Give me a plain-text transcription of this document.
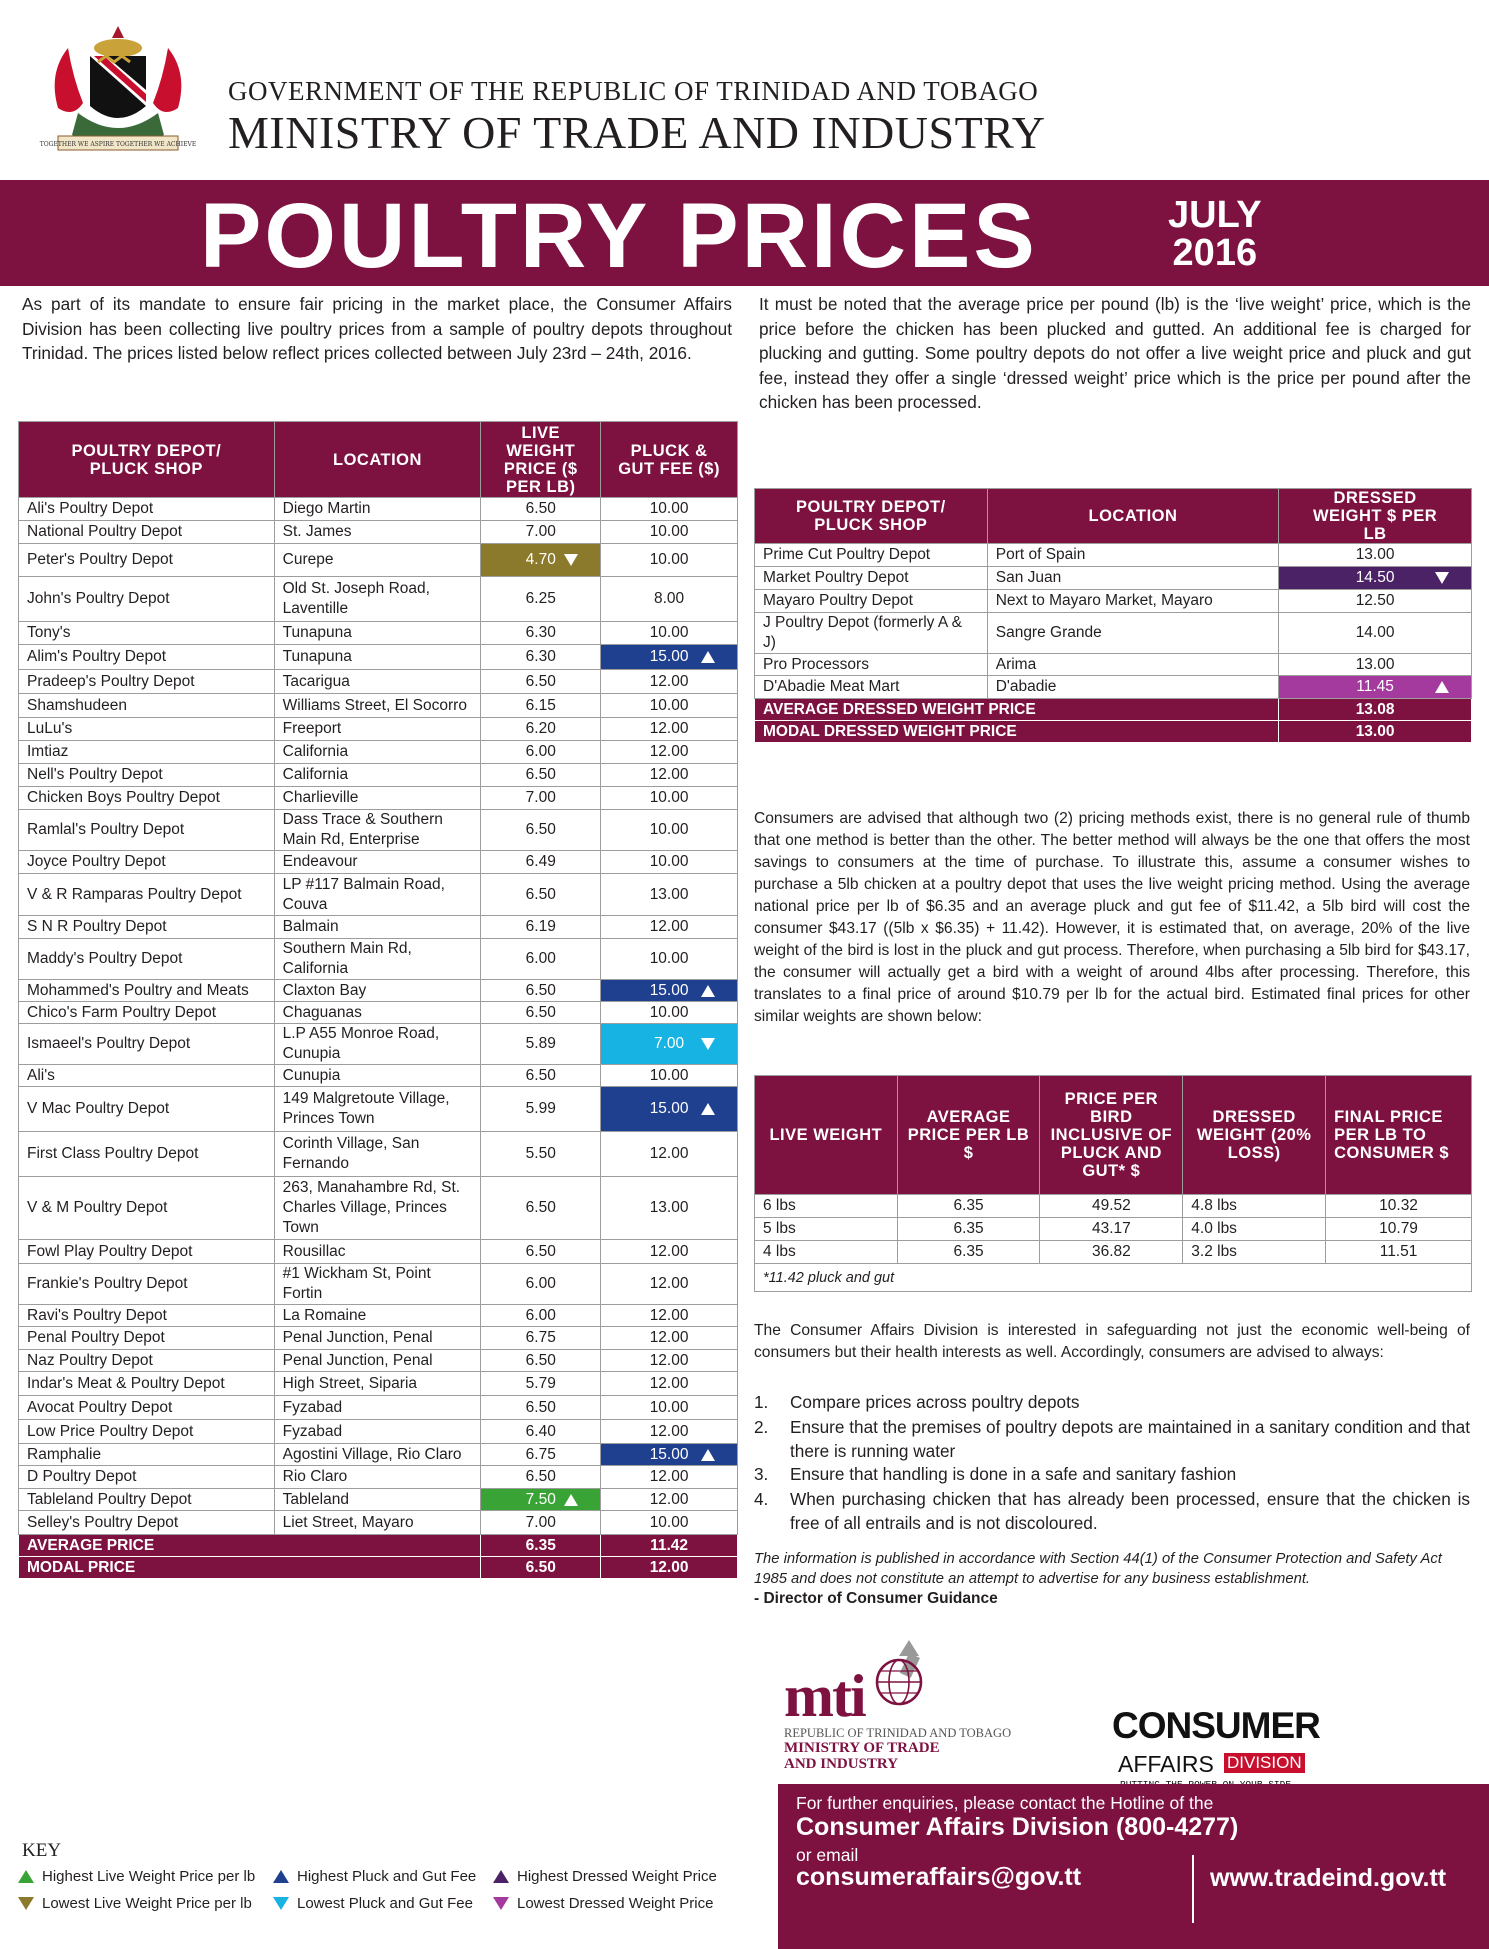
TOGETHER WE ASPIRE TOGETHER WE ACHIEVE
GOVERNMENT OF THE REPUBLIC OF TRINIDAD AND TOBAGO
MINISTRY OF TRADE AND INDUSTRY
POULTRY PRICES	JULY
2016
As part of its mandate to ensure fair pricing in the market place, the Consumer Affairs Division has been collecting live poultry prices from a sample of poultry depots throughout Trinidad. The prices listed below reflect prices collected between July 23rd – 24th, 2016.
It must be noted that the average price per pound (lb) is the ‘live weight’ price, which is the price before the chicken has been plucked and gutted. An additional fee is charged for plucking and gutting. Some poultry depots do not offer a live weight price and pluck and gut fee, instead they offer a single ‘dressed weight’ price which is the price per pound after the chicken has been processed.
POULTRY DEPOT/ PLUCK SHOP	LOCATION	LIVE WEIGHT PRICE ($ PER LB)	PLUCK & GUT FEE ($)
Ali's Poultry Depot	Diego Martin	6.50	10.00
National Poultry Depot	St. James	7.00	10.00
Peter's Poultry Depot	Curepe	4.70	10.00
John's Poultry Depot	Old St. Joseph Road, Laventille	6.25	8.00
Tony's	Tunapuna	6.30	10.00
Alim's Poultry Depot	Tunapuna	6.30	15.00

Pradeep's Poultry Depot	Tacarigua	6.50	12.00
Shamshudeen	Williams Street, El Socorro	6.15	10.00
LuLu's	Freeport	6.20	12.00
Imtiaz	California	6.00	12.00
Nell's Poultry Depot	California	6.50	12.00
Chicken Boys Poultry Depot	Charlieville	7.00	10.00
Ramlal's Poultry Depot	Dass Trace & Southern Main Rd, Enterprise	6.50	10.00
Joyce Poultry Depot	Endeavour	6.49	10.00
V & R Ramparas Poultry Depot	LP #117 Balmain Road, Couva	6.50	13.00
S N R Poultry Depot	Balmain	6.19	12.00
Maddy's Poultry Depot	Southern Main Rd, California	6.00	10.00
Mohammed's Poultry and Meats	Claxton Bay	6.50	15.00

Chico's Farm Poultry Depot	Chaguanas	6.50	10.00
Ismaeel's Poultry Depot	L.P A55 Monroe Road, Cunupia	5.89	7.00

Ali's	Cunupia	6.50	10.00
V Mac Poultry Depot	149 Malgretoute Village, Princes Town	5.99	15.00

First Class Poultry Depot	Corinth Village, San Fernando	5.50	12.00
V & M Poultry Depot	263, Manahambre Rd, St. Charles Village, Princes Town	6.50	13.00
Fowl Play Poultry Depot	Rousillac	6.50	12.00
Frankie's Poultry Depot	#1 Wickham St, Point Fortin	6.00	12.00
Ravi's Poultry Depot	La Romaine	6.00	12.00
Penal Poultry Depot	Penal Junction, Penal	6.75	12.00
Naz Poultry Depot	Penal Junction, Penal	6.50	12.00
Indar's Meat & Poultry Depot	High Street, Siparia	5.79	12.00
Avocat Poultry Depot	Fyzabad	6.50	10.00
Low Price Poultry Depot	Fyzabad	6.40	12.00
Ramphalie	Agostini Village, Rio Claro	6.75	15.00

D Poultry Depot	Rio Claro	6.50	12.00
Tableland Poultry Depot	Tableland	7.50	12.00
Selley's Poultry Depot	Liet Street, Mayaro	7.00	10.00
AVERAGE PRICE		6.35	11.42
MODAL PRICE		6.50	12.00
POULTRY DEPOT/ PLUCK SHOP	LOCATION	DRESSED WEIGHT $ PER LB
Prime Cut Poultry Depot	Port of Spain	13.00
Market Poultry Depot	San Juan	14.50

Mayaro Poultry Depot	Next to Mayaro Market, Mayaro	12.50
J Poultry Depot (formerly A & J)	Sangre Grande	14.00
Pro Processors	Arima	13.00
D'Abadie Meat Mart	D'abadie	11.45

AVERAGE DRESSED WEIGHT PRICE		13.08
MODAL DRESSED WEIGHT PRICE		13.00
Consumers are advised that although two (2) pricing methods exist, there is no general rule of thumb that one method is better than the other. The better method will always be the one that offers the most savings to consumers at the time of purchase. To illustrate this, assume a consumer wishes to purchase a 5lb chicken at a poultry depot that uses the live weight pricing method. Using the average national price per lb of $6.35 and an average pluck and gut fee of $11.42, a 5lb bird will cost the consumer $43.17 ((5lb x $6.35) + 11.42). However, it is estimated that, on average, 20% of the live weight of the bird is lost in the pluck and gut process. Therefore, when purchasing a 5lb bird for $43.17, the consumer will actually get a bird with a weight of around 4lbs after processing. Therefore, this translates to a final price of around $10.79 per lb for the actual bird. Estimated final prices for other similar weights are shown below:
LIVE WEIGHT	AVERAGE PRICE PER LB $	PRICE PER BIRD INCLUSIVE OF PLUCK AND GUT* $	DRESSED WEIGHT (20% LOSS)	FINAL PRICE PER LB TO CONSUMER $
6 lbs	6.35	49.52	4.8 lbs	10.32
5 lbs	6.35	43.17	4.0 lbs	10.79
4 lbs	6.35	36.82	3.2 lbs	11.51
*11.42 pluck and gut				
The Consumer Affairs Division is interested in safeguarding not just the economic well-being of consumers but their health interests as well. Accordingly, consumers are advised to always:
1.	Compare prices across poultry depots
2.	Ensure that the premises of poultry depots are maintained in a sanitary condition and that there is running water
3.	Ensure that handling is done in a safe and sanitary fashion
4.	When purchasing chicken that has already been processed, ensure that the chicken is free of all entrails and is not discoloured.
The information is published in accordance with Section 44(1) of the Consumer Protection and Safety Act 1985 and does not constitute an attempt to advertise for any business establishment.
- Director of Consumer Guidance
mti
REPUBLIC OF TRINIDAD AND TOBAGO
MINISTRY OF TRADE
AND INDUSTRY
CONSUMER
AFFAIRS DIVISION
KEY
Highest Live Weight Price per lb
Lowest Live Weight Price per lb
Highest Pluck and Gut Fee
Lowest Pluck and Gut Fee
Highest Dressed Weight Price
Lowest Dressed Weight Price
For further enquiries, please contact the Hotline of the
Consumer Affairs Division (800-4277)
or email
consumeraffairs@gov.tt	www.tradeind.gov.tt
